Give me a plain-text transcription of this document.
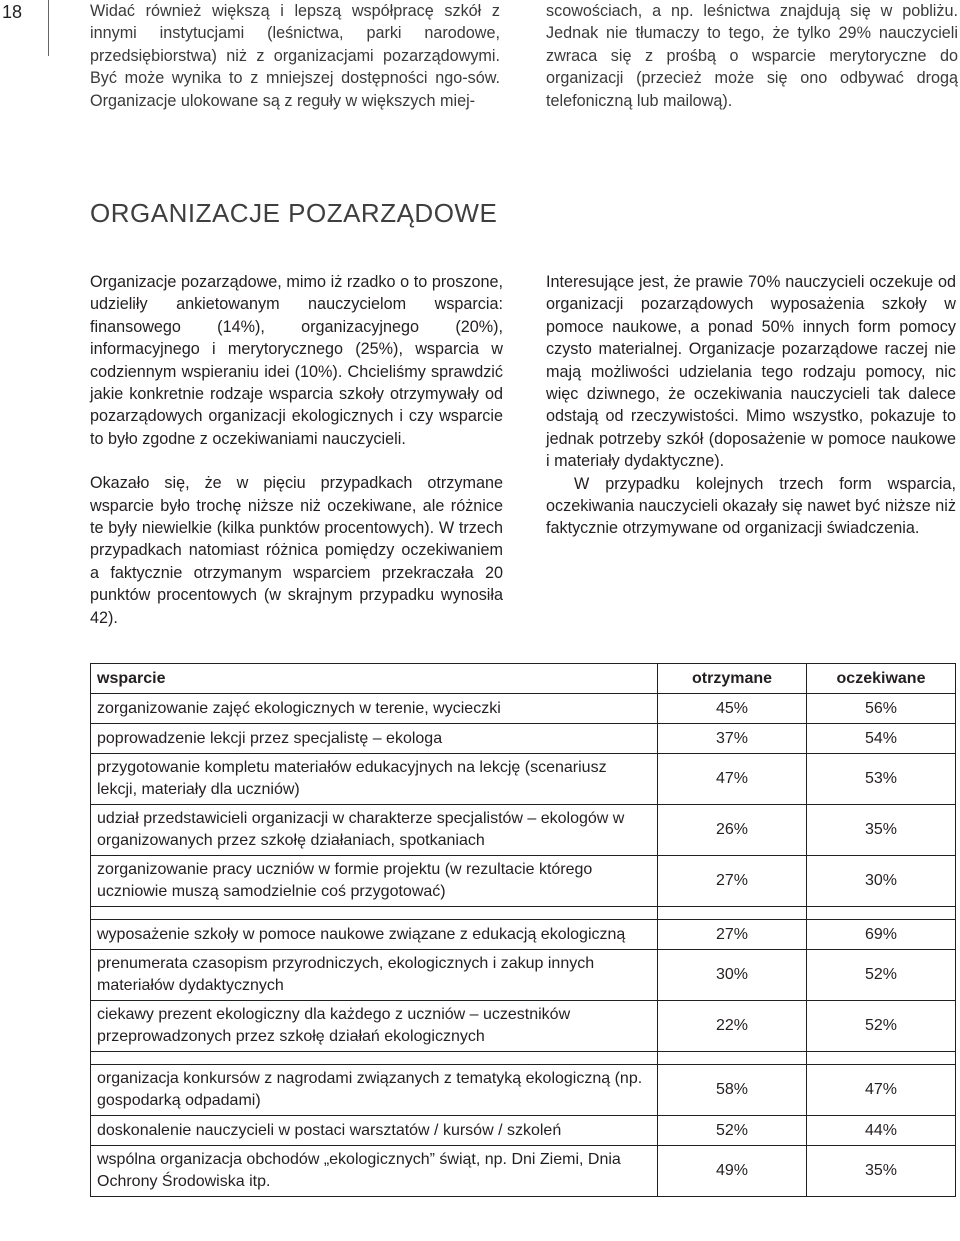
18	Widać również większą i lepszą współpracę szkół z innymi instytucjami (leśnictwa, parki narodowe, przedsiębiorstwa) niż z organizacjami pozarządowymi. Być może wynika to z mniejszej dostępności ngo-sów. Organizacje ulokowane są z reguły w większych miej-

scowościach, a np. leśnictwa znajdują się w pobliżu. Jednak nie tłumaczy to tego, że tylko 29% nauczycieli zwraca się z prośbą o wsparcie merytoryczne do organizacji (przecież może się ono odbywać drogą telefoniczną lub mailową).

ORGANIZACJE POZARZĄDOWE

Organizacje pozarządowe, mimo iż rzadko o to proszone, udzieliły ankietowanym nauczycielom wsparcia: finansowego (14%), organizacyjnego (20%), informacyjnego i merytorycznego (25%), wsparcia w codziennym wspieraniu idei (10%). Chcieliśmy sprawdzić jakie konkretnie rodzaje wsparcia szkoły otrzymywały od pozarządowych organizacji ekologicznych i czy wsparcie to było zgodne z oczekiwaniami nauczycieli.

Okazało się, że w pięciu przypadkach otrzymane wsparcie było trochę niższe niż oczekiwane, ale różnice te były niewielkie (kilka punktów procentowych). W trzech przypadkach natomiast różnica pomiędzy oczekiwaniem a faktycznie otrzymanym wsparciem przekraczała 20 punktów procentowych (w skrajnym przypadku wynosiła 42).

Interesujące jest, że prawie 70% nauczycieli oczekuje od organizacji pozarządowych wyposażenia szkoły w pomoce naukowe, a ponad 50% innych form pomocy czysto materialnej. Organizacje pozarządowe raczej nie mają możliwości udzielania tego rodzaju pomocy, nic więc dziwnego, że oczekiwania nauczycieli tak dalece odstają od rzeczywistości. Mimo wszystko, pokazuje to jednak potrzeby szkół (doposażenie w pomoce naukowe i materiały dydaktyczne).

W przypadku kolejnych trzech form wsparcia, oczekiwania nauczycieli okazały się nawet być niższe niż faktycznie otrzymywane od organizacji świadczenia.

wsparcie	otrzymane	oczekiwane
zorganizowanie zajęć ekologicznych w terenie, wycieczki	45%	56%
poprowadzenie lekcji przez specjalistę – ekologa	37%	54%
przygotowanie kompletu materiałów edukacyjnych na lekcję (scenariusz lekcji, materiały dla uczniów)	47%	53%
udział przedstawicieli organizacji w charakterze specjalistów – ekologów w organizowanych przez szkołę działaniach, spotkaniach	26%	35%
zorganizowanie pracy uczniów w formie projektu (w rezultacie którego uczniowie muszą samodzielnie coś przygotować)	27%	30%

wyposażenie szkoły w pomoce naukowe związane z edukacją ekologiczną	27%	69%
prenumerata czasopism przyrodniczych, ekologicznych i zakup innych materiałów dydaktycznych	30%	52%
ciekawy prezent ekologiczny dla każdego z uczniów – uczestników przeprowadzonych przez szkołę działań ekologicznych	22%	52%

organizacja konkursów z nagrodami związanych z tematyką ekologiczną (np. gospodarką odpadami)	58%	47%
doskonalenie nauczycieli w postaci warsztatów / kursów / szkoleń	52%	44%
wspólna organizacja obchodów „ekologicznych” świąt, np. Dni Ziemi, Dnia Ochrony Środowiska itp.	49%	35%
